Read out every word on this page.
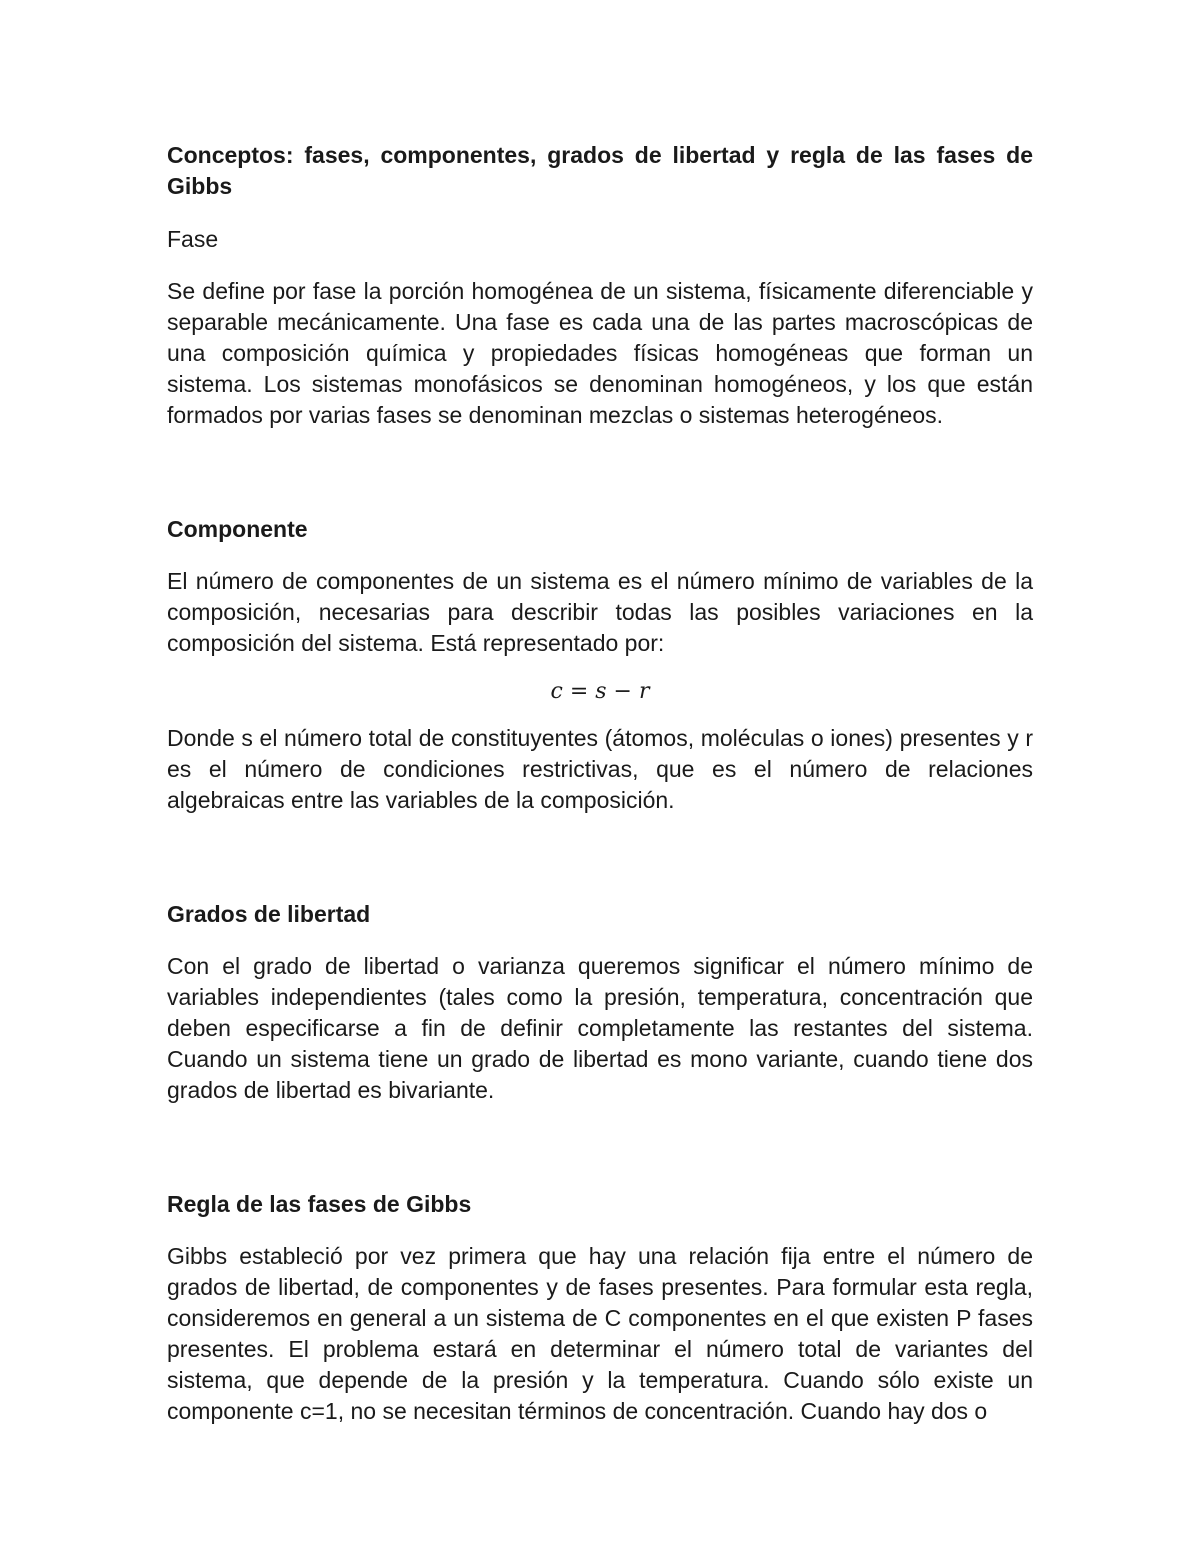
Conceptos: fases, componentes, grados de libertad y regla de las fases de Gibbs

Fase

Se define por fase la porción homogénea de un sistema, físicamente diferenciable y separable mecánicamente. Una fase es cada una de las partes macroscópicas de una composición química y propiedades físicas homogéneas que forman un sistema. Los sistemas monofásicos se denominan homogéneos, y los que están formados por varias fases se denominan mezclas o sistemas heterogéneos.

Componente

El número de componentes de un sistema es el número mínimo de variables de la composición, necesarias para describir todas las posibles variaciones en la composición del sistema. Está representado por:

c = s − r

Donde s el número total de constituyentes (átomos, moléculas o iones) presentes y r es el número de condiciones restrictivas, que es el número de relaciones algebraicas entre las variables de la composición.

Grados de libertad

Con el grado de libertad o varianza queremos significar el número mínimo de variables independientes (tales como la presión, temperatura, concentración que deben especificarse a fin de definir completamente las restantes del sistema. Cuando un sistema tiene un grado de libertad es mono variante, cuando tiene dos grados de libertad es bivariante.

Regla de las fases de Gibbs

Gibbs estableció por vez primera que hay una relación fija entre el número de grados de libertad, de componentes y de fases presentes. Para formular esta regla, consideremos en general a un sistema de C componentes en el que existen P fases presentes. El problema estará en determinar el número total de variantes del sistema, que depende de la presión y la temperatura. Cuando sólo existe un componente c=1, no se necesitan términos de concentración. Cuando hay dos o
